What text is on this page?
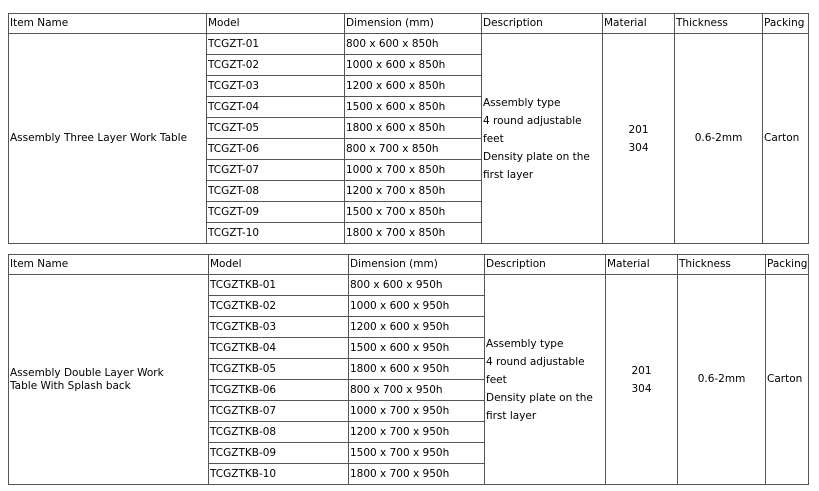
Item Name	Model	Dimension (mm)	Description	Material	Thickness	Packing

Assembly Three Layer Work Table	TCGZT-01	800 x 600 x 850h	Assembly type
4 round adjustable
feet
Density plate on the
first layer	201
304	0.6-2mm	Carton
	TCGZT-02	1000 x 600 x 850h				
	TCGZT-03	1200 x 600 x 850h				
	TCGZT-04	1500 x 600 x 850h				
	TCGZT-05	1800 x 600 x 850h				
	TCGZT-06	800 x 700 x 850h				
	TCGZT-07	1000 x 700 x 850h				
	TCGZT-08	1200 x 700 x 850h				
	TCGZT-09	1500 x 700 x 850h				
	TCGZT-10	1800 x 700 x 850h				
Item Name	Model	Dimension (mm)	Description	Material	Thickness	Packing

Assembly Double Layer Work
Table With Splash back	TCGZTKB-01	800 x 600 x 950h	Assembly type
4 round adjustable
feet
Density plate on the
first layer	201
304	0.6-2mm	Carton
	TCGZTKB-02	1000 x 600 x 950h				
	TCGZTKB-03	1200 x 600 x 950h				
	TCGZTKB-04	1500 x 600 x 950h				
	TCGZTKB-05	1800 x 600 x 950h				
	TCGZTKB-06	800 x 700 x 950h				
	TCGZTKB-07	1000 x 700 x 950h				
	TCGZTKB-08	1200 x 700 x 950h				
	TCGZTKB-09	1500 x 700 x 950h				
	TCGZTKB-10	1800 x 700 x 950h				
